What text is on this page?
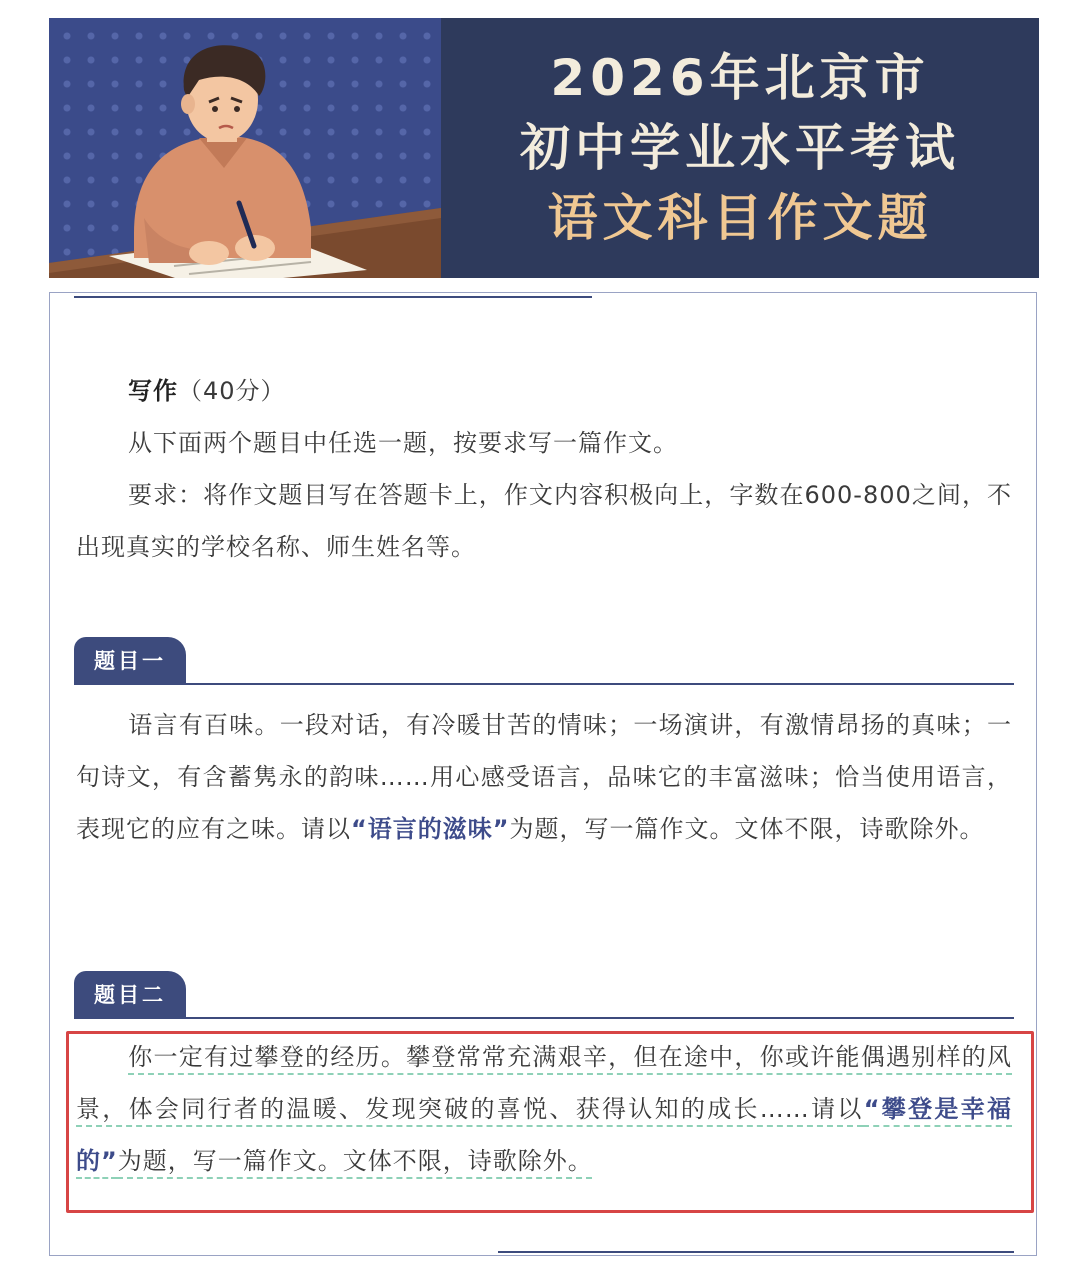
2026年北京市
初中学业水平考试
语文科目作文题
写作（40分）
从下面两个题目中任选一题，按要求写一篇作文。
要求：将作文题目写在答题卡上，作文内容积极向上，字数在600-800之间，不出现真实的学校名称、师生姓名等。
题目一
语言有百味。一段对话，有冷暖甘苦的情味；一场演讲，有激情昂扬的真味；一句诗文，有含蓄隽永的韵味……用心感受语言，品味它的丰富滋味；恰当使用语言，表现它的应有之味。请以“语言的滋味”为题，写一篇作文。文体不限，诗歌除外。
题目二
你一定有过攀登的经历。攀登常常充满艰辛，但在途中，你或许能偶遇别样的风景，体会同行者的温暖、发现突破的喜悦、获得认知的成长……请以“攀登是幸福的”为题，写一篇作文。文体不限，诗歌除外。
